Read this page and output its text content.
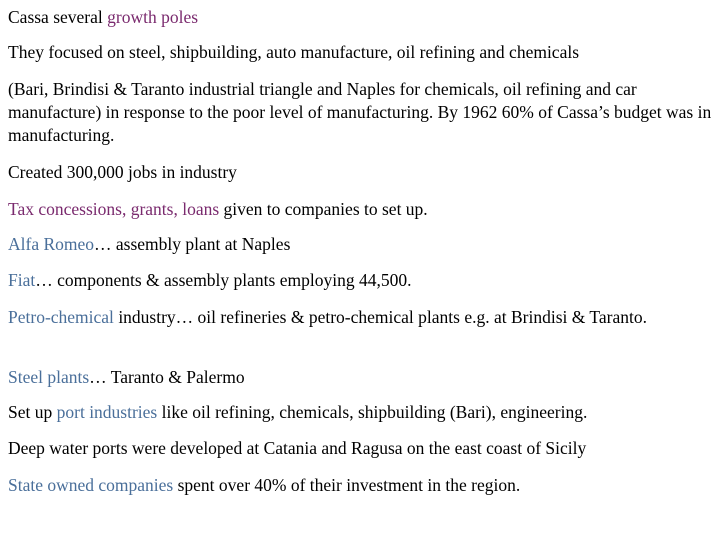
Cassa several growth poles

They focused on steel, shipbuilding, auto manufacture, oil refining and chemicals

(Bari, Brindisi & Taranto industrial triangle and Naples for chemicals, oil refining and car manufacture) in response to the poor level of manufacturing. By 1962 60% of Cassa’s budget was in manufacturing.

Created 300,000 jobs in industry

Tax concessions, grants, loans given to companies to set up.

Alfa Romeo… assembly plant at Naples

Fiat… components & assembly plants employing 44,500.

Petro-chemical industry… oil refineries & petro-chemical plants e.g. at Brindisi & Taranto.

Steel plants… Taranto & Palermo

Set up port industries like oil refining, chemicals, shipbuilding (Bari), engineering.

Deep water ports were developed at Catania and Ragusa on the east coast of Sicily

State owned companies spent over 40% of their investment in the region.
